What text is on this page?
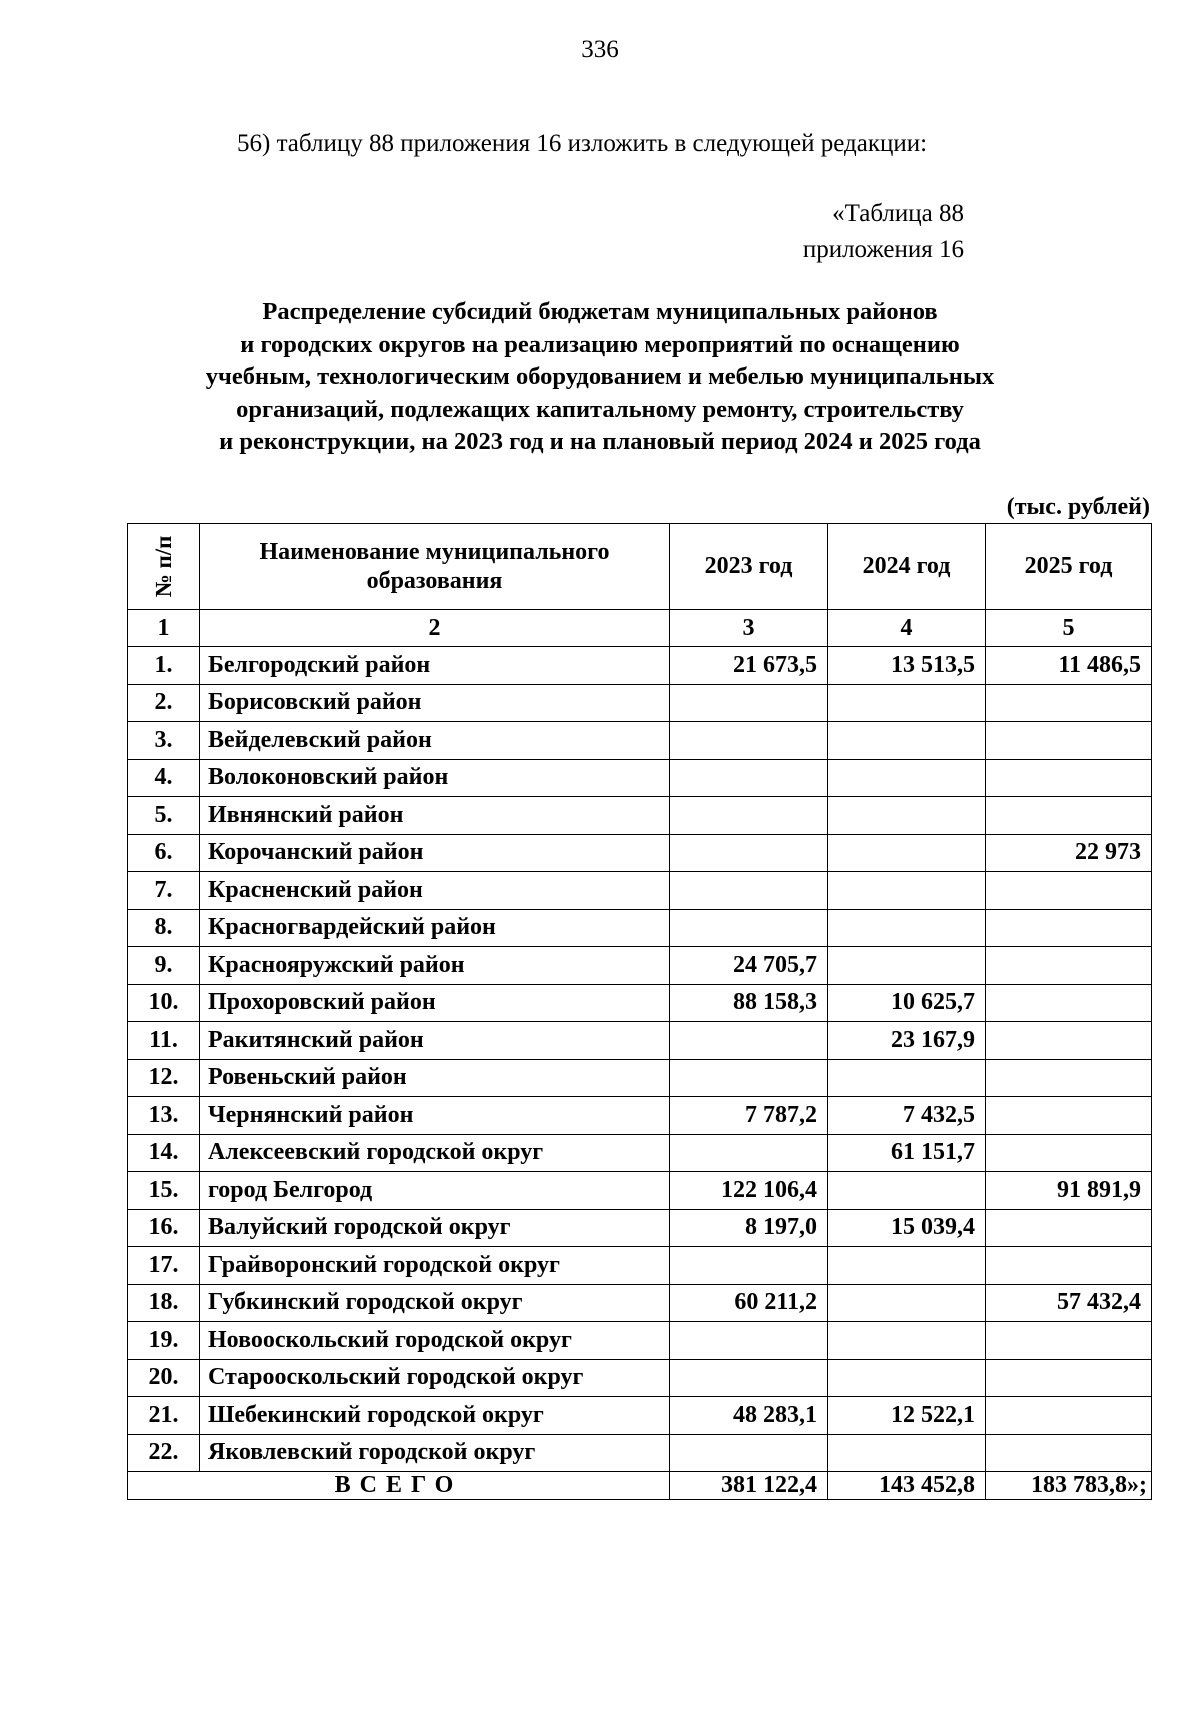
336
56) таблицу 88 приложения 16 изложить в следующей редакции:
«Таблица 88
приложения 16
Распределение субсидий бюджетам муниципальных районов
и городских округов на реализацию мероприятий по оснащению
учебным, технологическим оборудованием и мебелью муниципальных
организаций, подлежащих капитальному ремонту, строительству
и реконструкции, на 2023 год и на плановый период 2024 и 2025 года
(тыс. рублей)
№ п/п	Наименование муниципального образования	2023 год	2024 год	2025 год
1	2	3	4	5
1.	Белгородский район	21 673,5	13 513,5	11 486,5
2.	Борисовский район			
3.	Вейделевский район			
4.	Волоконовский район			
5.	Ивнянский район			
6.	Корочанский район			22 973
7.	Красненский район			
8.	Красногвардейский район			
9.	Краснояружский район	24 705,7		
10.	Прохоровский район	88 158,3	10 625,7	
11.	Ракитянский район		23 167,9	
12.	Ровеньский район			
13.	Чернянский район	7 787,2	7 432,5	
14.	Алексеевский городской округ		61 151,7	
15.	город Белгород	122 106,4		91 891,9
16.	Валуйский городской округ	8 197,0	15 039,4	
17.	Грайворонский городской округ			
18.	Губкинский городской округ	60 211,2		57 432,4
19.	Новооскольский городской округ			
20.	Старооскольский городской округ			
21.	Шебекинский городской округ	48 283,1	12 522,1	
22.	Яковлевский городской округ			
ВСЕГО		381 122,4	143 452,8	183 783,8»;
